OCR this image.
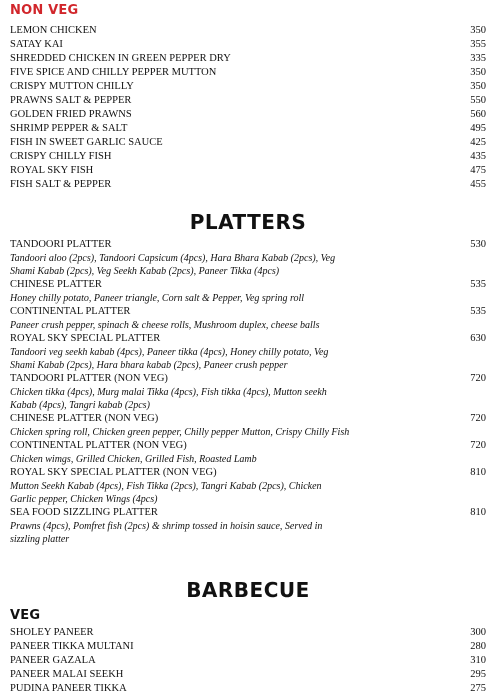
NON VEG
LEMON CHICKEN	350
SATAY KAI	355
SHREDDED CHICKEN IN GREEN PEPPER DRY	335
FIVE SPICE AND CHILLY PEPPER MUTTON	350
CRISPY MUTTON CHILLY	350
PRAWNS SALT & PEPPER	550
GOLDEN FRIED PRAWNS	560
SHRIMP PEPPER & SALT	495
FISH IN SWEET GARLIC SAUCE	425
CRISPY CHILLY FISH	435
ROYAL SKY FISH	475
FISH SALT & PEPPER	455
PLATTERS
TANDOORI PLATTER	530
Tandoori aloo (2pcs), Tandoori Capsicum (4pcs), Hara Bhara Kabab (2pcs), Veg Shami Kabab (2pcs), Veg Seekh Kabab (2pcs), Paneer Tikka (4pcs)
CHINESE PLATTER	535
Honey chilly potato, Paneer triangle, Corn salt & Pepper, Veg spring roll
CONTINENTAL PLATTER	535
Paneer crush pepper, spinach & cheese rolls, Mushroom duplex, cheese balls
ROYAL SKY SPECIAL PLATTER	630
Tandoori veg seekh kabab (4pcs), Paneer tikka (4pcs), Honey chilly potato, Veg Shami Kabab (2pcs), Hara bhara kabab (2pcs), Paneer crush pepper
TANDOORI PLATTER (NON VEG)	720
Chicken tikka (4pcs), Murg malai Tikka (4pcs), Fish tikka (4pcs), Mutton seekh Kabab (4pcs), Tangri kabab (2pcs)
CHINESE PLATTER (NON VEG)	720
Chicken spring roll, Chicken green pepper, Chilly pepper Mutton, Crispy Chilly Fish
CONTINENTAL PLATTER (NON VEG)	720
Chicken wimgs, Grilled Chicken, Grilled Fish, Roasted Lamb
ROYAL SKY SPECIAL PLATTER (NON VEG)	810
Mutton Seekh Kabab (4pcs), Fish Tikka (2pcs), Tangri Kabab (2pcs), Chicken Garlic pepper, Chicken Wings (4pcs)
SEA FOOD SIZZLING PLATTER	810
Prawns (4pcs), Pomfret fish (2pcs) & shrimp tossed in hoisin sauce, Served in sizzling platter
BARBECUE
VEG
SHOLEY PANEER	300
PANEER TIKKA MULTANI	280
PANEER GAZALA	310
PANEER MALAI SEEKH	295
PUDINA PANEER TIKKA	275
